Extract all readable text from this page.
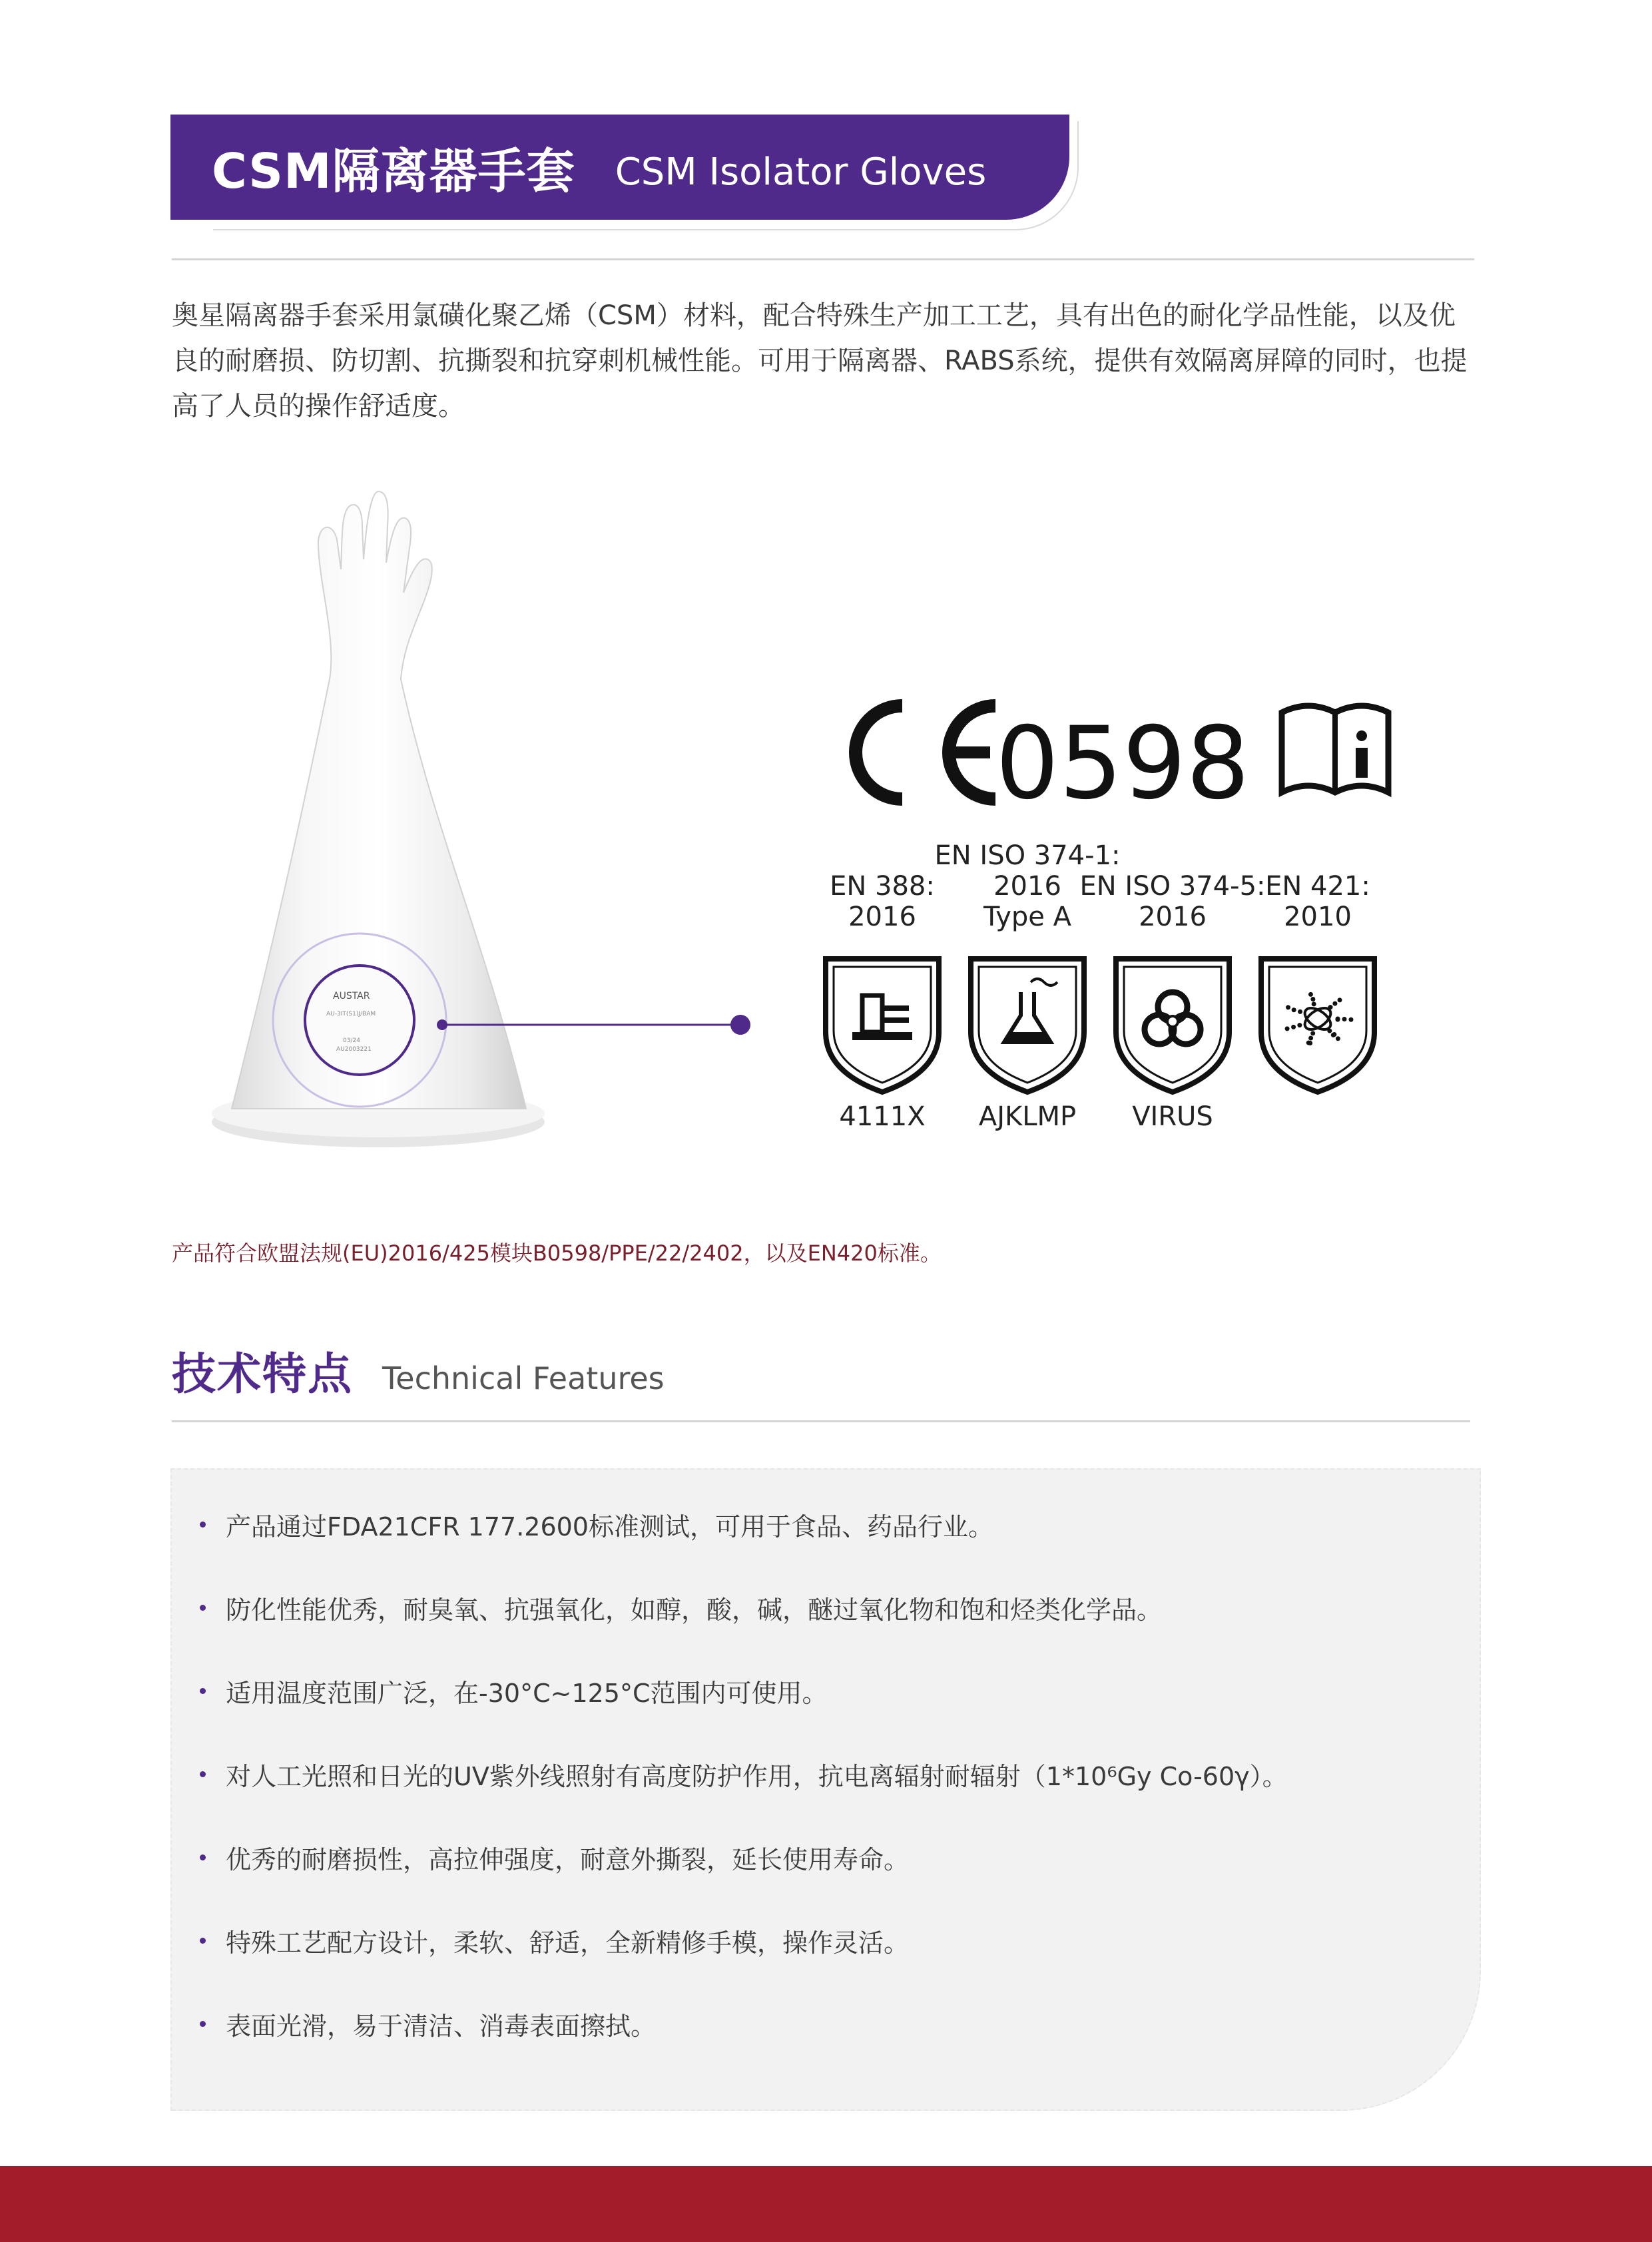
CSM隔离器手套 CSM Isolator Gloves
奥星隔离器手套采用氯磺化聚乙烯（CSM）材料，配合特殊生产加工工艺，具有出色的耐化学品性能，以及优良的耐磨损、防切割、抗撕裂和抗穿刺机械性能。可用于隔离器、RABS系统，提供有效隔离屏障的同时，也提高了人员的操作舒适度。
AUSTAR
AU-3IT(S1)J/BAM
03/24
AU2003221
0598
EN 388:
2016
4111X
EN ISO 374-1:
2016
Type A
AJKLMP
EN ISO 374-5:
2016
VIRUS
EN 421:
2010
产品符合欧盟法规(EU)2016/425模块B0598/PPE/22/2402，以及EN420标准。
技术特点 Technical Features
产品通过FDA21CFR 177.2600标准测试，可用于食品、药品行业。
防化性能优秀，耐臭氧、抗强氧化，如醇，酸，碱，醚过氧化物和饱和烃类化学品。
适用温度范围广泛，在-30°C~125°C范围内可使用。
对人工光照和日光的UV紫外线照射有高度防护作用，抗电离辐射耐辐射（1*10⁶Gy Co-60γ）。
优秀的耐磨损性，高拉伸强度，耐意外撕裂，延长使用寿命。
特殊工艺配方设计，柔软、舒适，全新精修手模，操作灵活。
表面光滑，易于清洁、消毒表面擦拭。
